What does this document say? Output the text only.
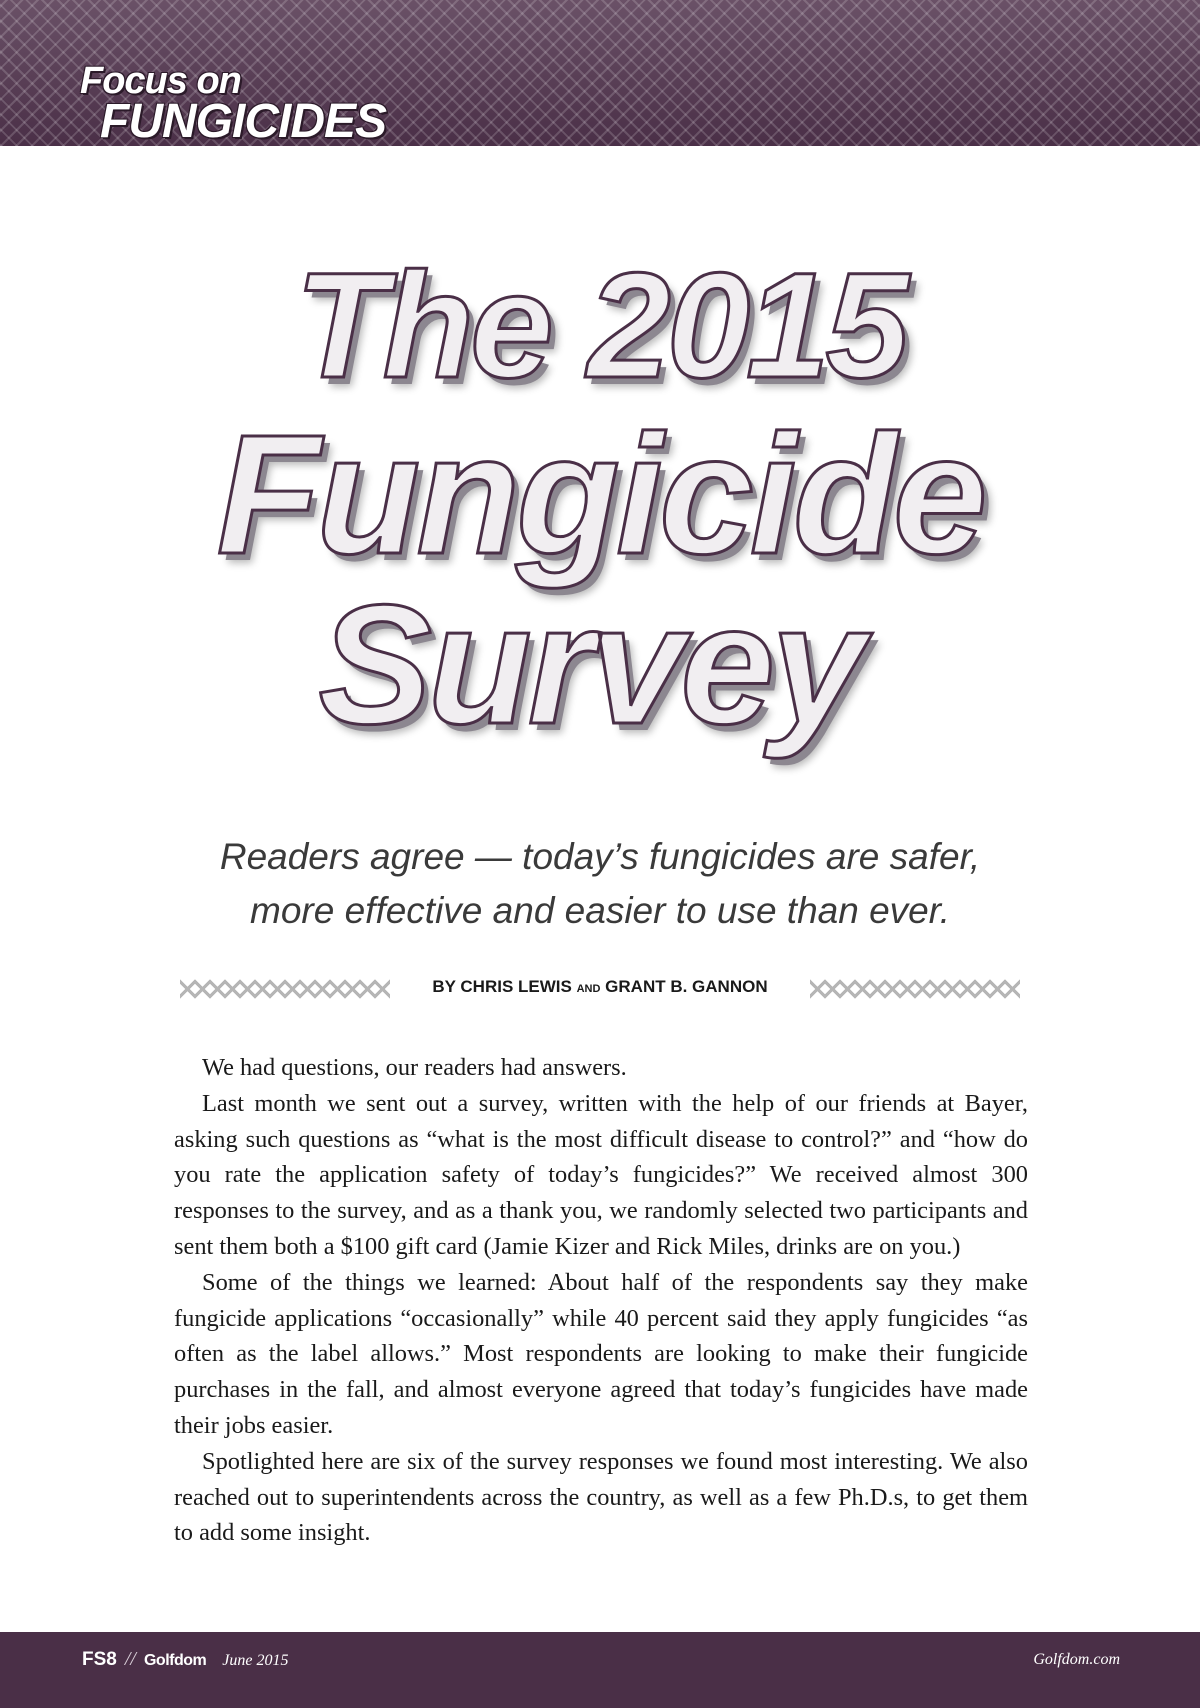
Focus on
FUNGICIDES
The 2015
Fungicide
Survey
Readers agree — today’s fungicides are safer,
more effective and easier to use than ever.
BY CHRIS LEWIS AND GRANT B. GANNON

We had questions, our readers had answers.

Last month we sent out a survey, written with the help of our friends at Bayer, asking such questions as “what is the most difficult disease to control?” and “how do you rate the application safety of today’s fungicides?” We received almost 300 responses to the survey, and as a thank you, we randomly selected two participants and sent them both a $100 gift card (Jamie Kizer and Rick Miles, drinks are on you.)

Some of the things we learned: About half of the respondents say they make fungicide applications “occasionally” while 40 percent said they apply fungicides “as often as the label allows.” Most respondents are looking to make their fungicide purchases in the fall, and almost everyone agreed that today’s fungicides have made their jobs easier.

Spotlighted here are six of the survey responses we found most interesting. We also reached out to superintendents across the country, as well as a few Ph.D.s, to get them to add some insight.

FS8 // Golfdom June 2015	Golfdom.com
